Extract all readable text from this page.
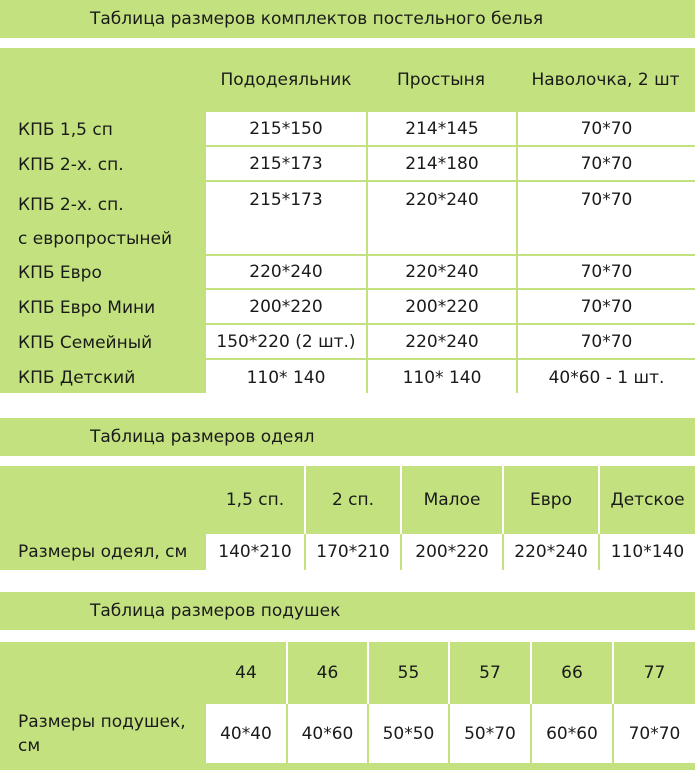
Таблица размеров комплектов постельного белья
	Пододеяльник	Простыня	Наволочка, 2 шт
КПБ 1,5 сп	215*150	214*145	70*70
КПБ 2-х. сп.	215*173	214*180	70*70

КПБ 2-х. сп.
с европростыней	215*173	220*240	70*70
КПБ Евро	220*240	220*240	70*70
КПБ Евро Мини	200*220	200*220	70*70
КПБ Семейный	150*220 (2 шт.)	220*240	70*70
КПБ Детский	110* 140	110* 140	40*60 - 1 шт.
Таблица размеров одеял
	1,5 сп.	2 сп.	Малое	Евро	Детское
Размеры одеял, см	140*210	170*210	200*220	220*240	110*140
Таблица размеров подушек
	44	46	55	57	66	77
Размеры подушек, см	40*40	40*60	50*50	50*70	60*60	70*70
